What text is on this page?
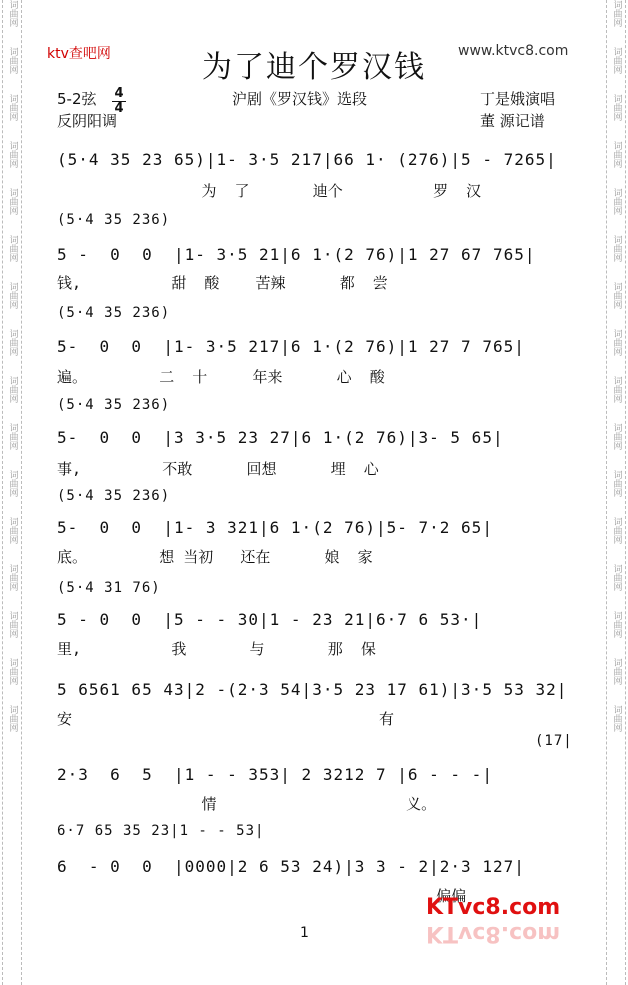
词
曲
网
词
曲
网
词
曲
网
词
曲
网
词
曲
网
词
曲
网
词
曲
网
词
曲
网
词
曲
网
词
曲
网
词
曲
网
词
曲
网
词
曲
网
词
曲
网
词
曲
网
词
曲
网
词
曲
网
词
曲
网
词
曲
网
词
曲
网
词
曲
网
词
曲
网
词
曲
网
词
曲
网
词
曲
网
词
曲
网
词
曲
网
词
曲
网
词
曲
网
词
曲
网
词
曲
网
词
曲
网
ktv查吧网	www.ktvc8.com
为了迪个罗汉钱
5-2弦 4
4
反阴阳调
沪剧《罗汉钱》选段	丁是娥演唱
董 源记谱
(5·4 35 23 65)|1- 3·5 217|66 1· (276)|5 - 7265|
为  了       迪个          罗  汉
(5·4 35 236)
5 -  0  0  |1- 3·5 21|6 1·(2 76)|1 27 67 765|
钱,          甜  酸    苦辣      都  尝
(5·4 35 236)
5-  0  0  |1- 3·5 217|6 1·(2 76)|1 27 7 765|
遍。        二  十     年来      心  酸
(5·4 35 236)
5-  0  0  |3 3·5 23 27|6 1·(2 76)|3- 5 65|
事,         不敢      回想      埋  心
(5·4 35 236)
5-  0  0  |1- 3 321|6 1·(2 76)|5- 7·2 65|
底。        想 当初   还在      娘  家
(5·4 31 76)
5 - 0  0  |5 - - 30|1 - 23 21|6·7 6 53·|
里,          我       与       那  保
5 6561 65 43|2 -(2·3 54|3·5 23 17 61)|3·5 53 32|
安                                  有
(17|
2·3  6  5  |1 - - 353| 2 3212 7 |6 - - -|
情                     义。
6·7 65 35 23|1 - - 53|
6  - 0  0  |0000|2 6 53 24)|3 3 - 2|2·3 127|
偏偏
KTvc8.com
KTvc8.com
1
